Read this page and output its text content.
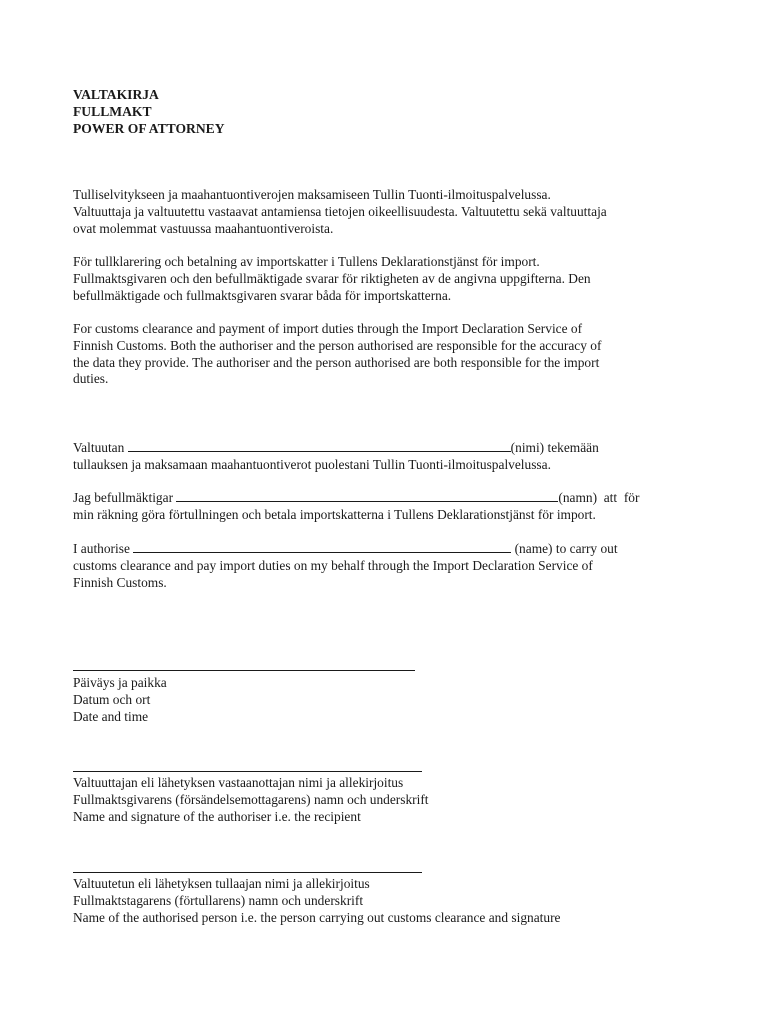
VALTAKIRJA
FULLMAKT
POWER OF ATTORNEY
Tulliselvitykseen ja maahantuontiverojen maksamiseen Tullin Tuonti-ilmoituspalvelussa.
Valtuuttaja ja valtuutettu vastaavat antamiensa tietojen oikeellisuudesta. Valtuutettu sekä valtuuttaja
ovat molemmat vastuussa maahantuontiveroista.
För tullklarering och betalning av importskatter i Tullens Deklarationstjänst för import.
Fullmaktsgivaren och den befullmäktigade svarar för riktigheten av de angivna uppgifterna. Den
befullmäktigade och fullmaktsgivaren svarar båda för importskatterna.
For customs clearance and payment of import duties through the Import Declaration Service of
Finnish Customs. Both the authoriser and the person authorised are responsible for the accuracy of
the data they provide. The authoriser and the person authorised are both responsible for the import
duties.
Valtuutan	(nimi) tekemään
tullauksen ja maksamaan maahantuontiverot puolestani Tullin Tuonti-ilmoituspalvelussa.
Jag befullmäktigar	(namn)  att  för
min räkning göra förtullningen och betala importskatterna i Tullens Deklarationstjänst för import.
I authorise	(name) to carry out
customs clearance and pay import duties on my behalf through the Import Declaration Service of
Finnish Customs.
Päiväys ja paikka
Datum och ort
Date and time
Valtuuttajan eli lähetyksen vastaanottajan nimi ja allekirjoitus
Fullmaktsgivarens (försändelsemottagarens) namn och underskrift
Name and signature of the authoriser i.e. the recipient
Valtuutetun eli lähetyksen tullaajan nimi ja allekirjoitus
Fullmaktstagarens (förtullarens) namn och underskrift
Name of the authorised person i.e. the person carrying out customs clearance and signature
